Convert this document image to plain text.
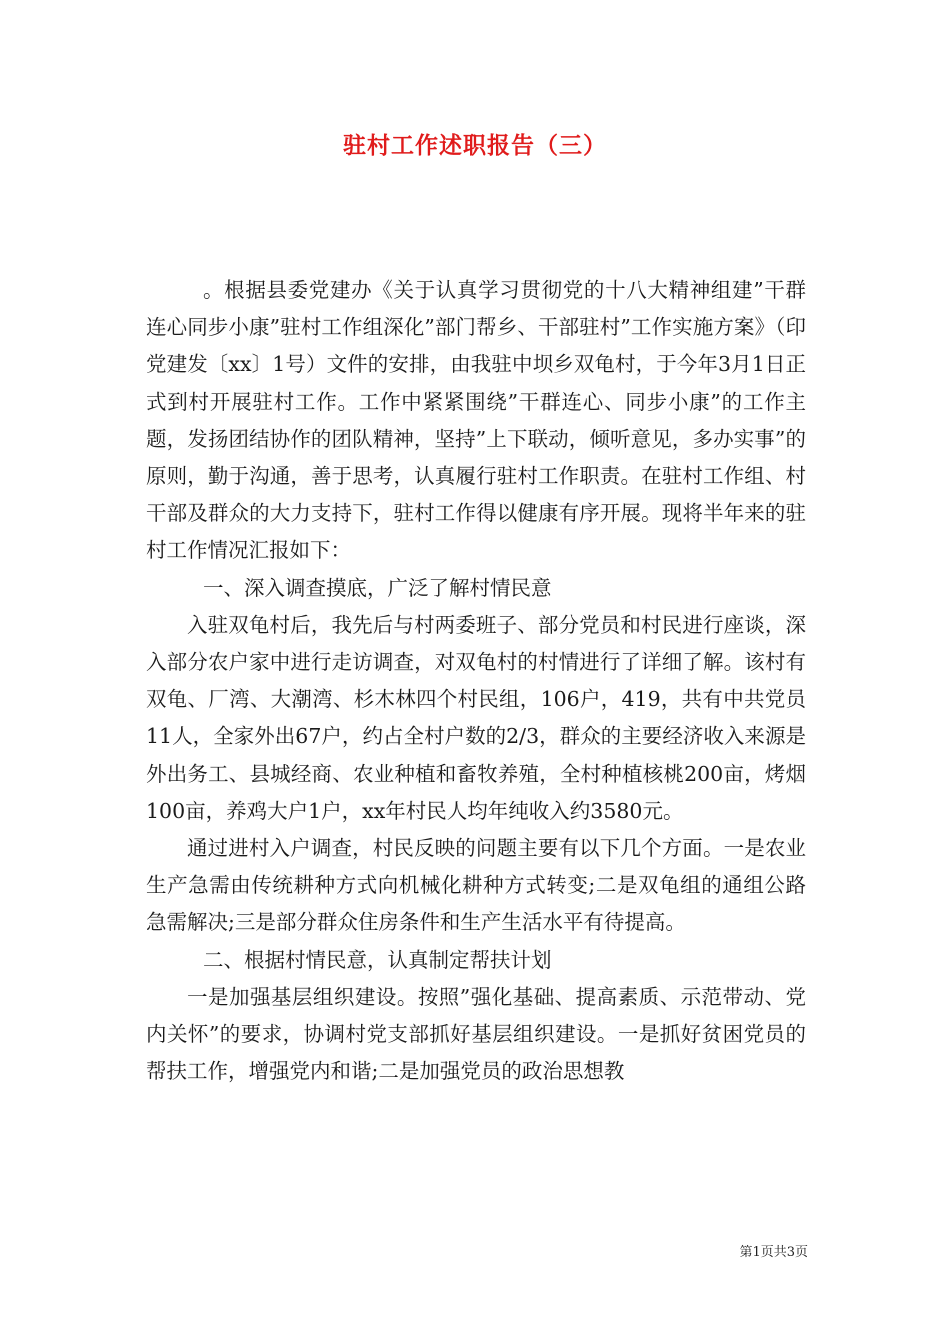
驻村工作述职报告（三）

。根据县委党建办《关于认真学习贯彻党的十八大精神组建”干群连心同步小康”驻村工作组深化”部门帮乡、干部驻村”工作实施方案》（印党建发〔xx〕1号）文件的安排，由我驻中坝乡双龟村，于今年3月1日正式到村开展驻村工作。工作中紧紧围绕”干群连心、同步小康”的工作主题，发扬团结协作的团队精神，坚持”上下联动，倾听意见，多办实事”的原则，勤于沟通，善于思考，认真履行驻村工作职责。在驻村工作组、村干部及群众的大力支持下，驻村工作得以健康有序开展。现将半年来的驻村工作情况汇报如下：

一、深入调查摸底，广泛了解村情民意

入驻双龟村后，我先后与村两委班子、部分党员和村民进行座谈，深入部分农户家中进行走访调查，对双龟村的村情进行了详细了解。该村有双龟、厂湾、大潮湾、杉木林四个村民组，106户，419，共有中共党员11人，全家外出67户，约占全村户数的2/3，群众的主要经济收入来源是外出务工、县城经商、农业种植和畜牧养殖，全村种植核桃200亩，烤烟100亩，养鸡大户1户，xx年村民人均年纯收入约3580元。

通过进村入户调查，村民反映的问题主要有以下几个方面。一是农业生产急需由传统耕种方式向机械化耕种方式转变;二是双龟组的通组公路急需解决;三是部分群众住房条件和生产生活水平有待提高。

二、根据村情民意，认真制定帮扶计划

一是加强基层组织建设。按照”强化基础、提高素质、示范带动、党内关怀”的要求，协调村党支部抓好基层组织建设。一是抓好贫困党员的帮扶工作，增强党内和谐;二是加强党员的政治思想教

第1页共3页
